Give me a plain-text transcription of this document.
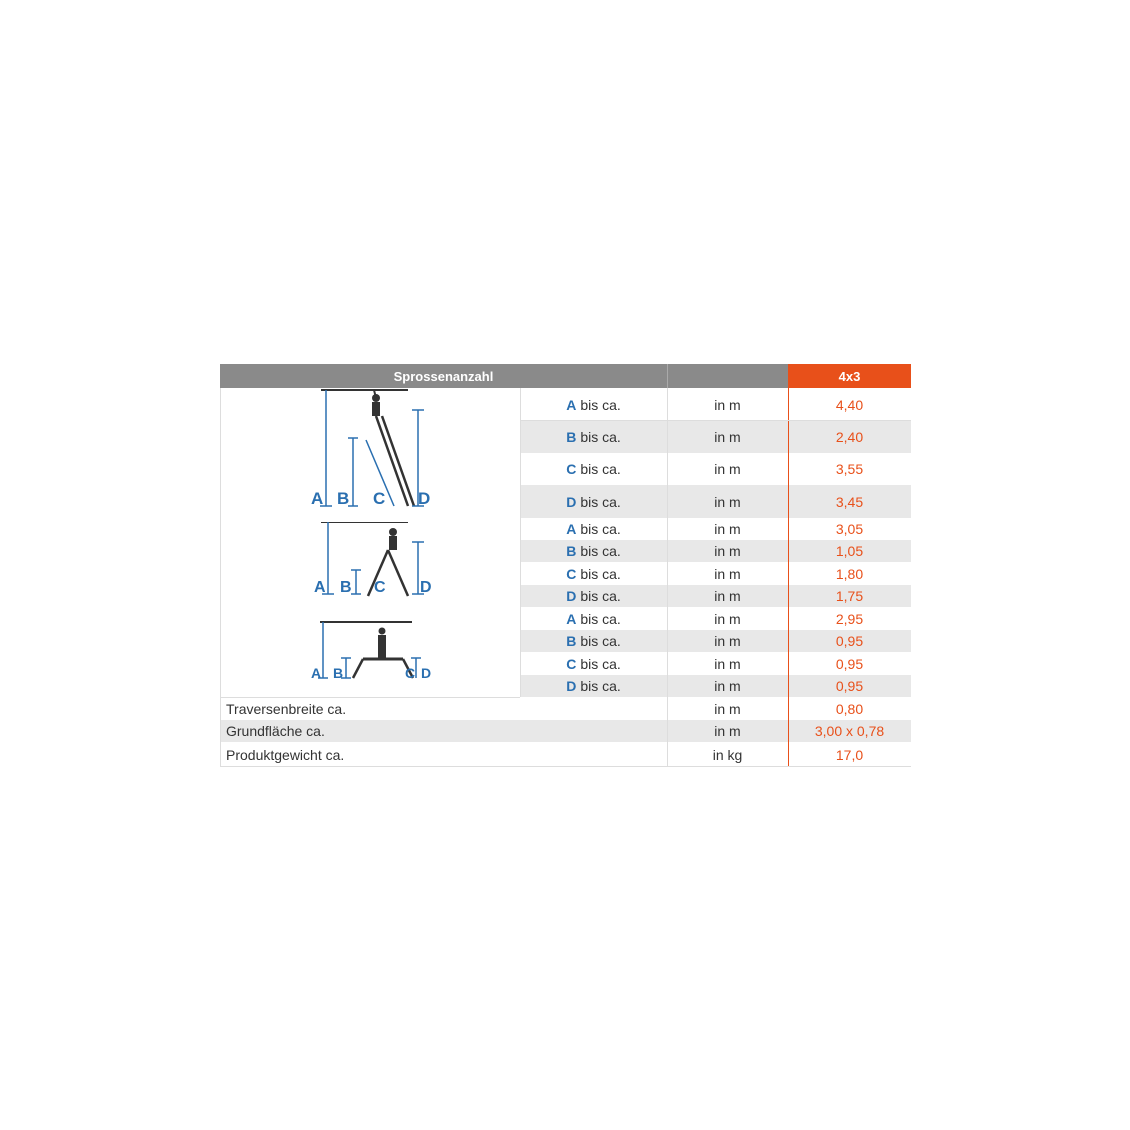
Sprossenanzahl	4x3
A bis ca.	in m	4,40
B bis ca.	in m	2,40
C bis ca.	in m	3,55
D bis ca.	in m	3,45
A bis ca.	in m	3,05
B bis ca.	in m	1,05
C bis ca.	in m	1,80
D bis ca.	in m	1,75
A bis ca.	in m	2,95
B bis ca.	in m	0,95
C bis ca.	in m	0,95
D bis ca.	in m	0,95
Traversenbreite ca.	in m	0,80
Grundfläche ca.	in m	3,00 x 0,78
Produktgewicht ca.	in kg	17,0
A B C D
A B C D
A B	C D
